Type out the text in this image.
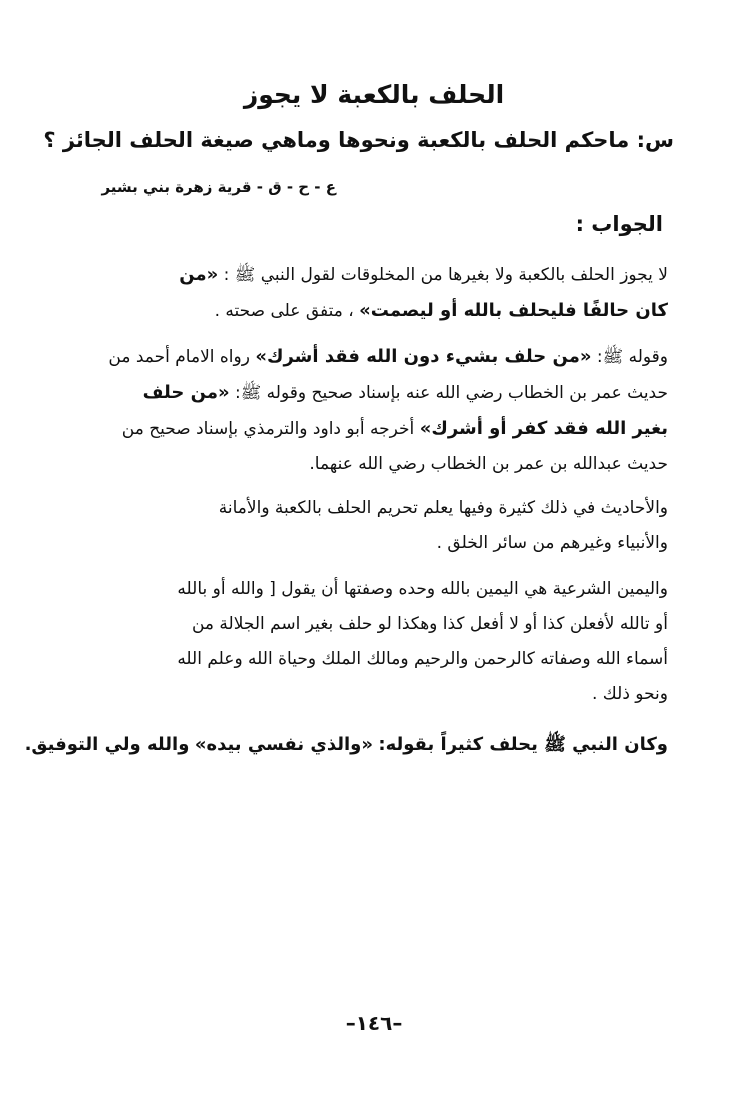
الحلف بالكعبة لا يجوز
س: ماحكم الحلف بالكعبة ونحوها وماهي صيغة الحلف الجائز ؟
ع - ح - ق - قرية زهرة بني بشير
الجواب :
لا يجوز الحلف بالكعبة ولا بغيرها من المخلوقات لقول النبي ﷺ : «من
كان حالفًا فليحلف بالله أو ليصمت» ، متفق على صحته .
وقوله ﷺ: «من حلف بشيء دون الله فقد أشرك» رواه الامام أحمد من
حديث عمر بن الخطاب رضي الله عنه بإسناد صحيح وقوله ﷺ: «من حلف
بغير الله فقد كفر أو أشرك» أخرجه أبو داود والترمذي بإسناد صحيح من
حديث عبدالله بن عمر بن الخطاب رضي الله عنهما.
والأحاديث في ذلك كثيرة وفيها يعلم تحريم الحلف بالكعبة والأمانة
والأنبياء وغيرهم من سائر الخلق .
واليمين الشرعية هي اليمين بالله وحده وصفتها أن يقول [ والله أو بالله
أو تالله لأفعلن كذا أو لا أفعل كذا وهكذا لو حلف بغير اسم الجلالة من
أسماء الله وصفاته كالرحمن والرحيم ومالك الملك وحياة الله وعلم الله
ونحو ذلك .
وكان النبي ﷺ يحلف كثيراً بقوله: «والذي نفسي بيده» والله ولي التوفيق.
–١٤٦–
